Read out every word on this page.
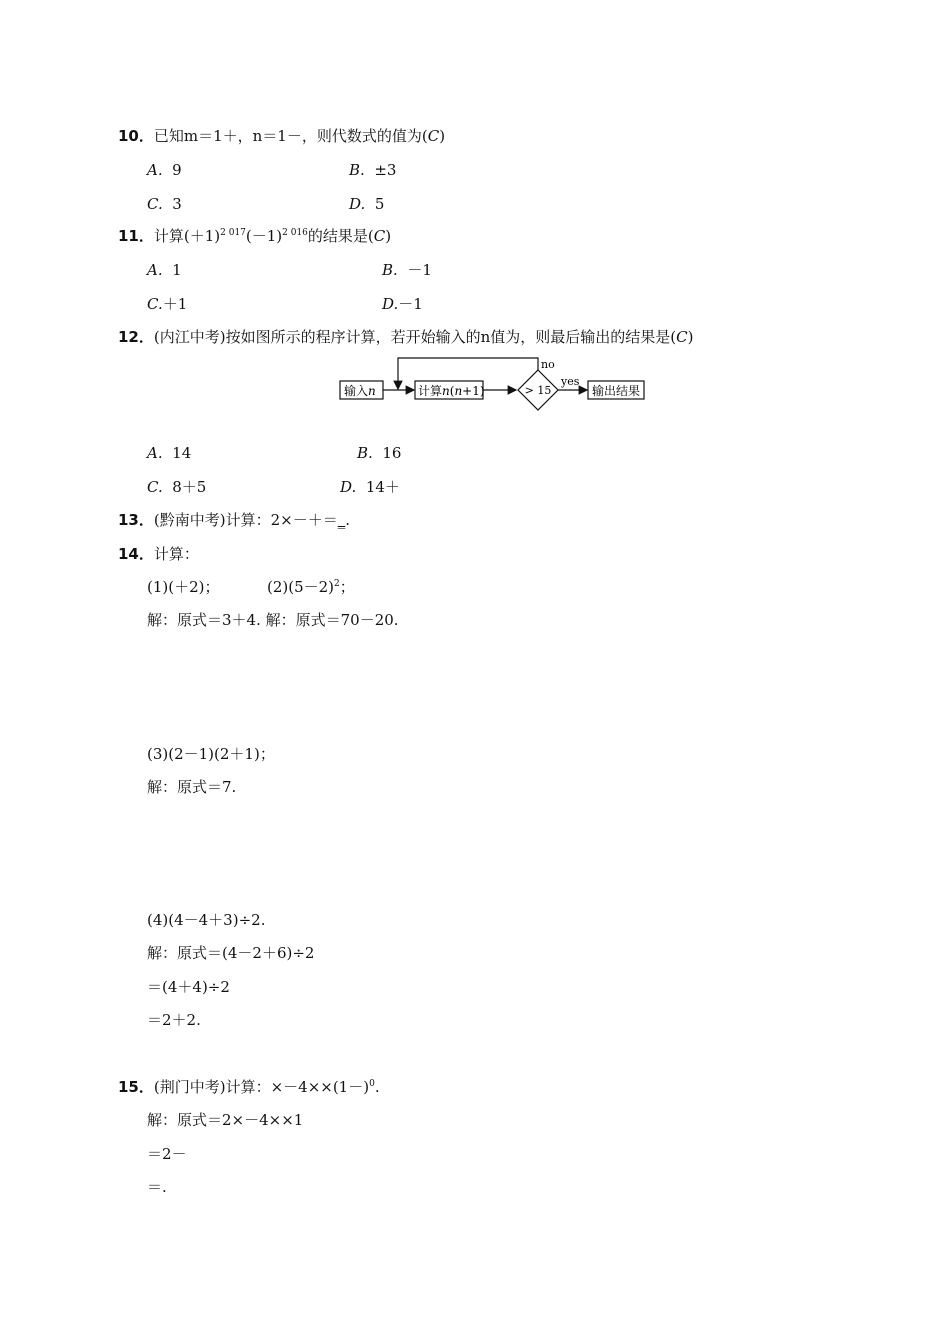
10．已知m＝1＋，n＝1－，则代数式的值为(C)
A. 9	B. ±3
C. 3	D. 5
11．计算$(+1)^{2 017}(-1)^{2 016}$的结果是(C)
A. 1	B. －1
C.＋1	D.－1
12．(内江中考)按如图所示的程序计算，若开始输入的n值为，则最后输出的结果是(C)
输入n	计算n(n+1)	> 15
no
yes
输出结果
A. 14	B. 16
C. 8＋5	D. 14＋
13．(黔南中考)计算：2×－＋＝_.
14．计算：
(1)(＋2)；	$(2)(5-2)^2$；
解：原式＝3＋4. 解：原式＝70－20.
(3)(2－1)(2＋1)；
解：原式＝7.
(4)(4－4＋3)÷2.
解：原式＝(4－2＋6)÷2
＝(4＋4)÷2
＝2＋2.
15．(荆门中考)计算：$\times-4\times\times(1-)^0$.
解：原式＝2×－4××1
＝2－
＝.
